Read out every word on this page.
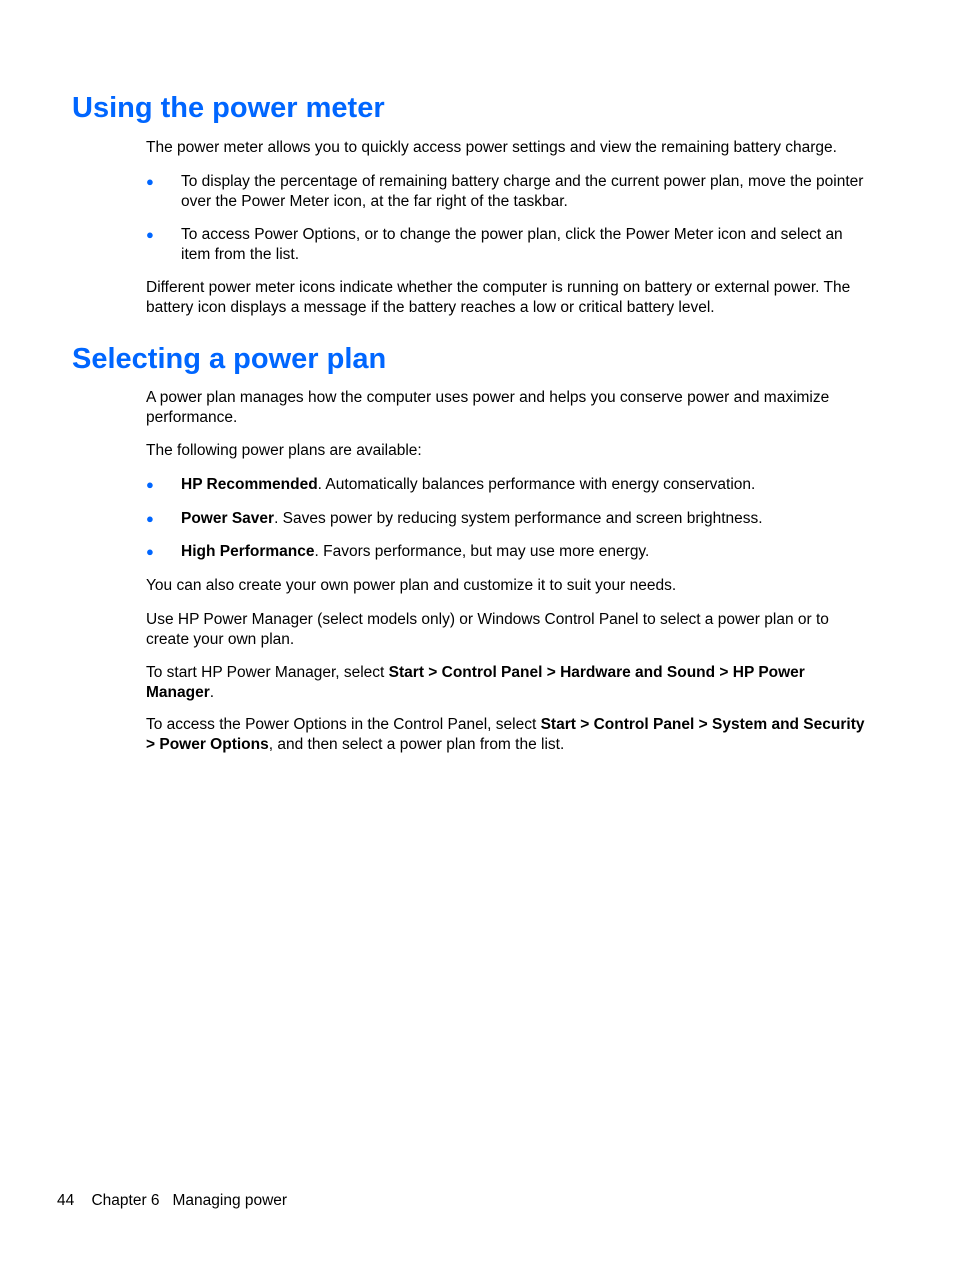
Using the power meter

The power meter allows you to quickly access power settings and view the remaining battery charge.

● To display the percentage of remaining battery charge and the current power plan, move the pointer over the Power Meter icon, at the far right of the taskbar.
● To access Power Options, or to change the power plan, click the Power Meter icon and select an item from the list.

Different power meter icons indicate whether the computer is running on battery or external power. The battery icon displays a message if the battery reaches a low or critical battery level.

Selecting a power plan

A power plan manages how the computer uses power and helps you conserve power and maximize performance.

The following power plans are available:

● HP Recommended. Automatically balances performance with energy conservation.
● Power Saver. Saves power by reducing system performance and screen brightness.
● High Performance. Favors performance, but may use more energy.

You can also create your own power plan and customize it to suit your needs.

Use HP Power Manager (select models only) or Windows Control Panel to select a power plan or to create your own plan.

To start HP Power Manager, select Start > Control Panel > Hardware and Sound > HP Power Manager.

To access the Power Options in the Control Panel, select Start > Control Panel > System and Security > Power Options, and then select a power plan from the list.

44 Chapter 6 Managing power
